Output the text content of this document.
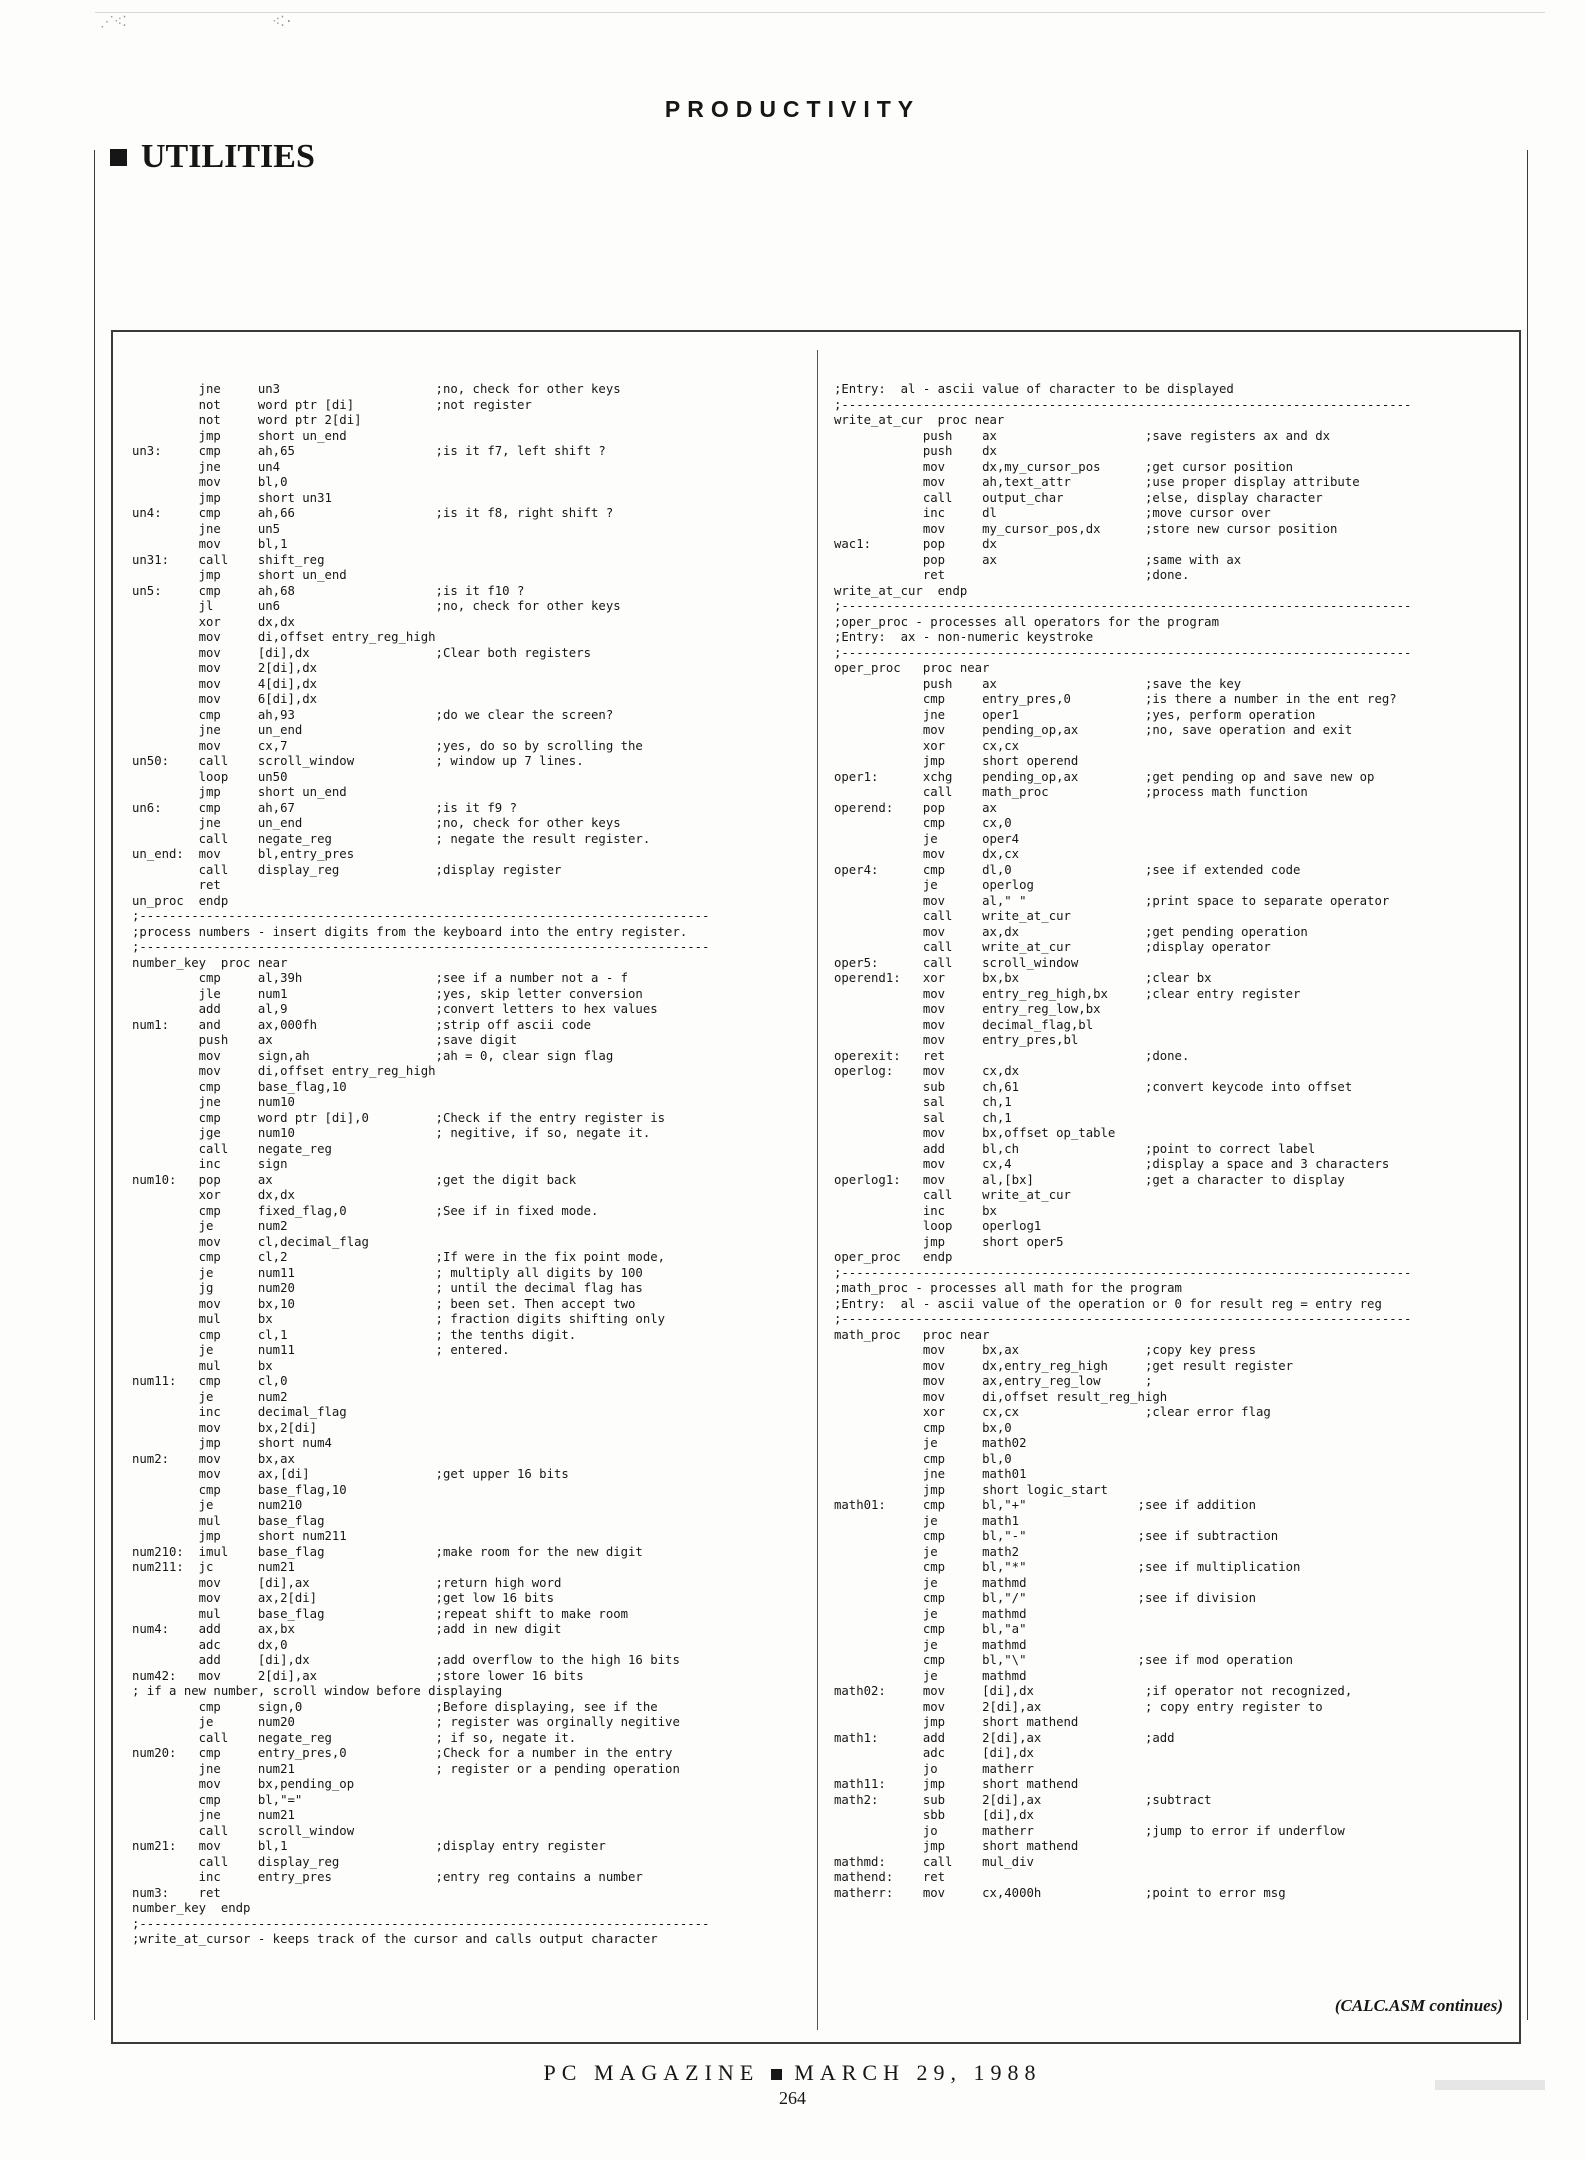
⋰⁖⁚	⁖⁚⋅
PRODUCTIVITY
UTILITIES
jne     un3                     ;no, check for other keys
not     word ptr [di]           ;not register
not     word ptr 2[di]
jmp     short un_end
un3:     cmp     ah,65                   ;is it f7, left shift ?
jne     un4
mov     bl,0
jmp     short un31
un4:     cmp     ah,66                   ;is it f8, right shift ?
jne     un5
mov     bl,1
un31:    call    shift_reg
jmp     short un_end
un5:     cmp     ah,68                   ;is it f10 ?
jl      un6                     ;no, check for other keys
xor     dx,dx
mov     di,offset entry_reg_high
mov     [di],dx                 ;Clear both registers
mov     2[di],dx
mov     4[di],dx
mov     6[di],dx
cmp     ah,93                   ;do we clear the screen?
jne     un_end
mov     cx,7                    ;yes, do so by scrolling the
un50:    call    scroll_window           ; window up 7 lines.
loop    un50
jmp     short un_end
un6:     cmp     ah,67                   ;is it f9 ?
jne     un_end                  ;no, check for other keys
call    negate_reg              ; negate the result register.
un_end:  mov     bl,entry_pres
call    display_reg             ;display register
ret
un_proc  endp
;-----------------------------------------------------------------------------
;process numbers - insert digits from the keyboard into the entry register.
;-----------------------------------------------------------------------------
number_key  proc near
cmp     al,39h                  ;see if a number not a - f
jle     num1                    ;yes, skip letter conversion
add     al,9                    ;convert letters to hex values
num1:    and     ax,000fh                ;strip off ascii code
push    ax                      ;save digit
mov     sign,ah                 ;ah = 0, clear sign flag
mov     di,offset entry_reg_high
cmp     base_flag,10
jne     num10
cmp     word ptr [di],0         ;Check if the entry register is
jge     num10                   ; negitive, if so, negate it.
call    negate_reg
inc     sign
num10:   pop     ax                      ;get the digit back
xor     dx,dx
cmp     fixed_flag,0            ;See if in fixed mode.
je      num2
mov     cl,decimal_flag
cmp     cl,2                    ;If were in the fix point mode,
je      num11                   ; multiply all digits by 100
jg      num20                   ; until the decimal flag has
mov     bx,10                   ; been set. Then accept two
mul     bx                      ; fraction digits shifting only
cmp     cl,1                    ; the tenths digit.
je      num11                   ; entered.
mul     bx
num11:   cmp     cl,0
je      num2
inc     decimal_flag
mov     bx,2[di]
jmp     short num4
num2:    mov     bx,ax
mov     ax,[di]                 ;get upper 16 bits
cmp     base_flag,10
je      num210
mul     base_flag
jmp     short num211
num210:  imul    base_flag               ;make room for the new digit
num211:  jc      num21
mov     [di],ax                 ;return high word
mov     ax,2[di]                ;get low 16 bits
mul     base_flag               ;repeat shift to make room
num4:    add     ax,bx                   ;add in new digit
adc     dx,0
add     [di],dx                 ;add overflow to the high 16 bits
num42:   mov     2[di],ax                ;store lower 16 bits
; if a new number, scroll window before displaying
cmp     sign,0                  ;Before displaying, see if the
je      num20                   ; register was orginally negitive
call    negate_reg              ; if so, negate it.
num20:   cmp     entry_pres,0            ;Check for a number in the entry
jne     num21                   ; register or a pending operation
mov     bx,pending_op
cmp     bl,"="
jne     num21
call    scroll_window
num21:   mov     bl,1                    ;display entry register
call    display_reg
inc     entry_pres              ;entry reg contains a number
num3:    ret
number_key  endp
;-----------------------------------------------------------------------------
;write_at_cursor - keeps track of the cursor and calls output character
;Entry:  al - ascii value of character to be displayed
;-----------------------------------------------------------------------------
write_at_cur  proc near
push    ax                    ;save registers ax and dx
push    dx
mov     dx,my_cursor_pos      ;get cursor position
mov     ah,text_attr          ;use proper display attribute
call    output_char           ;else, display character
inc     dl                    ;move cursor over
mov     my_cursor_pos,dx      ;store new cursor position
wac1:       pop     dx
pop     ax                    ;same with ax
ret                           ;done.
write_at_cur  endp
;-----------------------------------------------------------------------------
;oper_proc - processes all operators for the program
;Entry:  ax - non-numeric keystroke
;-----------------------------------------------------------------------------
oper_proc   proc near
push    ax                    ;save the key
cmp     entry_pres,0          ;is there a number in the ent reg?
jne     oper1                 ;yes, perform operation
mov     pending_op,ax         ;no, save operation and exit
xor     cx,cx
jmp     short operend
oper1:      xchg    pending_op,ax         ;get pending op and save new op
call    math_proc             ;process math function
operend:    pop     ax
cmp     cx,0
je      oper4
mov     dx,cx
oper4:      cmp     dl,0                  ;see if extended code
je      operlog
mov     al," "                ;print space to separate operator
call    write_at_cur
mov     ax,dx                 ;get pending operation
call    write_at_cur          ;display operator
oper5:      call    scroll_window
operend1:   xor     bx,bx                 ;clear bx
mov     entry_reg_high,bx     ;clear entry register
mov     entry_reg_low,bx
mov     decimal_flag,bl
mov     entry_pres,bl
operexit:   ret                           ;done.
operlog:    mov     cx,dx
sub     ch,61                 ;convert keycode into offset
sal     ch,1
sal     ch,1
mov     bx,offset op_table
add     bl,ch                 ;point to correct label
mov     cx,4                  ;display a space and 3 characters
operlog1:   mov     al,[bx]               ;get a character to display
call    write_at_cur
inc     bx
loop    operlog1
jmp     short oper5
oper_proc   endp
;-----------------------------------------------------------------------------
;math_proc - processes all math for the program
;Entry:  al - ascii value of the operation or 0 for result reg = entry reg
;-----------------------------------------------------------------------------
math_proc   proc near
mov     bx,ax                 ;copy key press
mov     dx,entry_reg_high     ;get result register
mov     ax,entry_reg_low      ;
mov     di,offset result_reg_high
xor     cx,cx                 ;clear error flag
cmp     bx,0
je      math02
cmp     bl,0
jne     math01
jmp     short logic_start
math01:     cmp     bl,"+"               ;see if addition
je      math1
cmp     bl,"-"               ;see if subtraction
je      math2
cmp     bl,"*"               ;see if multiplication
je      mathmd
cmp     bl,"/"               ;see if division
je      mathmd
cmp     bl,"a"
je      mathmd
cmp     bl,"\"               ;see if mod operation
je      mathmd
math02:     mov     [di],dx               ;if operator not recognized,
mov     2[di],ax              ; copy entry register to
jmp     short mathend
math1:      add     2[di],ax              ;add
adc     [di],dx
jo      matherr
math11:     jmp     short mathend
math2:      sub     2[di],ax              ;subtract
sbb     [di],dx
jo      matherr               ;jump to error if underflow
jmp     short mathend
mathmd:     call    mul_div
mathend:    ret
matherr:    mov     cx,4000h              ;point to error msg
(CALC.ASM continues)
PC MAGAZINE MARCH 29, 1988
264
